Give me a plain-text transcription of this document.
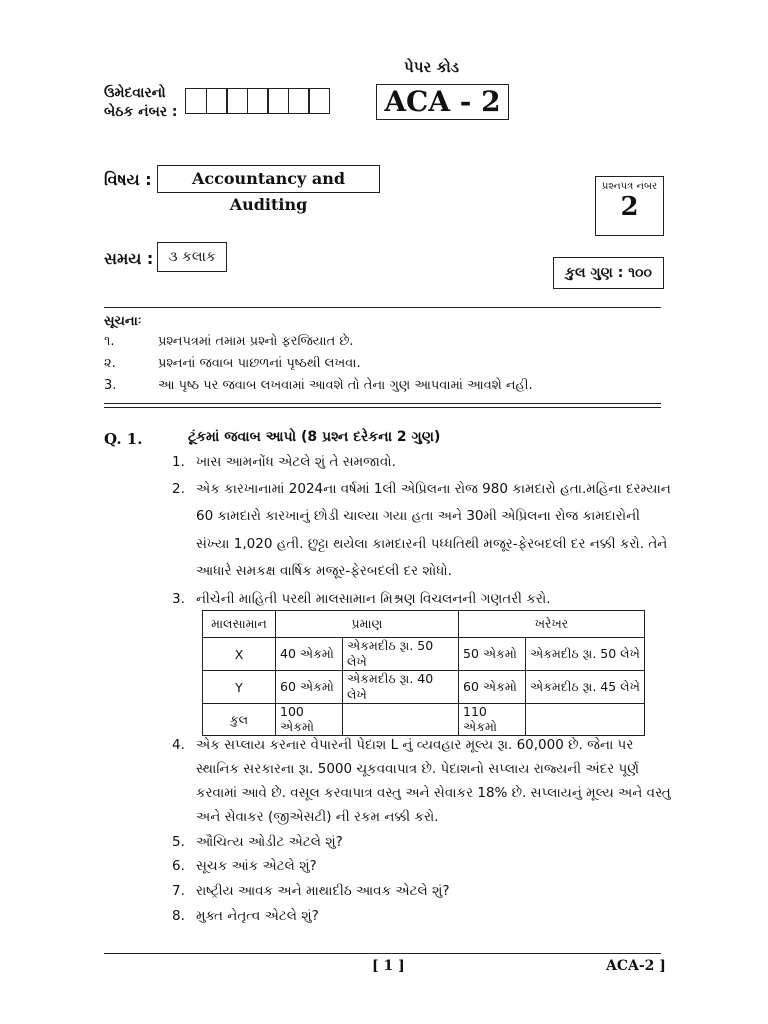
પેપર કોડ
ACA - 2
ઉમેદવારનો
બેઠક નંબર :
વિષય :	Accountancy and Auditing
પ્રશ્નપત્ર નંબર
2
સમય :	૩ કલાક
કુલ ગુણ : ૧૦૦
સૂચનાઃ
૧.	પ્રશ્નપત્રમાં તમામ પ્રશ્નો ફરજિયાત છે.
૨.	પ્રશ્નનાં જવાબ પાછળનાં પૃષ્ઠથી લખવા.
3.	આ પૃષ્ઠ પર જવાબ લખવામાં આવશે તો તેના ગુણ આપવામાં આવશે નહી.
Q. 1.	ટૂંકમાં જવાબ આપો (8 પ્રશ્ન દરેકના 2 ગુણ)
1. ખાસ આમનોંધ એટલે શું તે સમજાવો.
2. એક કારખાનામાં 2024ના વર્ષમાં 1લી એપ્રિલના રોજ 980 કામદારો હતા.મહિના દરમ્યાન
60 કામદારો કારખાનું છોડી ચાલ્યા ગયા હતા અને 30મી એપ્રિલના રોજ કામદારોની
સંખ્યા 1,020 હતી. છુટ્ટા થયેલા કામદારની પધ્ધતિથી મજૂર-ફેરબદલી દર નક્કી કરો. તેને
આધારે સમકક્ષ વાર્ષિક મજૂર-ફેરબદલી દર શોધો.
3. નીચેની માહિતી પરથી માલસામાન મિશ્રણ વિચલનની ગણતરી કરો.
માલસામાન	પ્રમાણ		ખરેખર	
X	40 એકમો	એકમદીઠ રૂા. 50 લેખે	50 એકમો	એકમદીઠ રૂા. 50 લેખે
Y	60 એકમો	એકમદીઠ રૂા. 40 લેખે	60 એકમો	એકમદીઠ રૂા. 45 લેખે
કુલ	100 એકમો		110 એકમો	
4. એક સપ્લાય કરનાર વેપારની પેદાશ L નું વ્યવહાર મૂલ્ય રૂા. 60,000 છે. જેના પર
સ્થાનિક સરકારના રૂા. 5000 ચૂકવવાપાત્ર છે. પેદાશનો સપ્લાય રાજ્યની અંદર પૂર્ણ
કરવામાં આવે છે. વસૂલ કરવાપાત્ર વસ્તુ અને સેવાકર 18% છે. સપ્લાયનું મૂલ્ય અને વસ્તુ
અને સેવાકર (જીએસટી) ની રકમ નક્કી કરો.
5. ઔચિત્ય ઓડીટ એટલે શું?
6. સૂચક આંક એટલે શું?
7. રાષ્ટ્રીય આવક અને માથાદીઠ આવક એટલે શું?
8. મુક્ત નેતૃત્વ એટલે શું?
[ 1 ]	ACA-2 ]
